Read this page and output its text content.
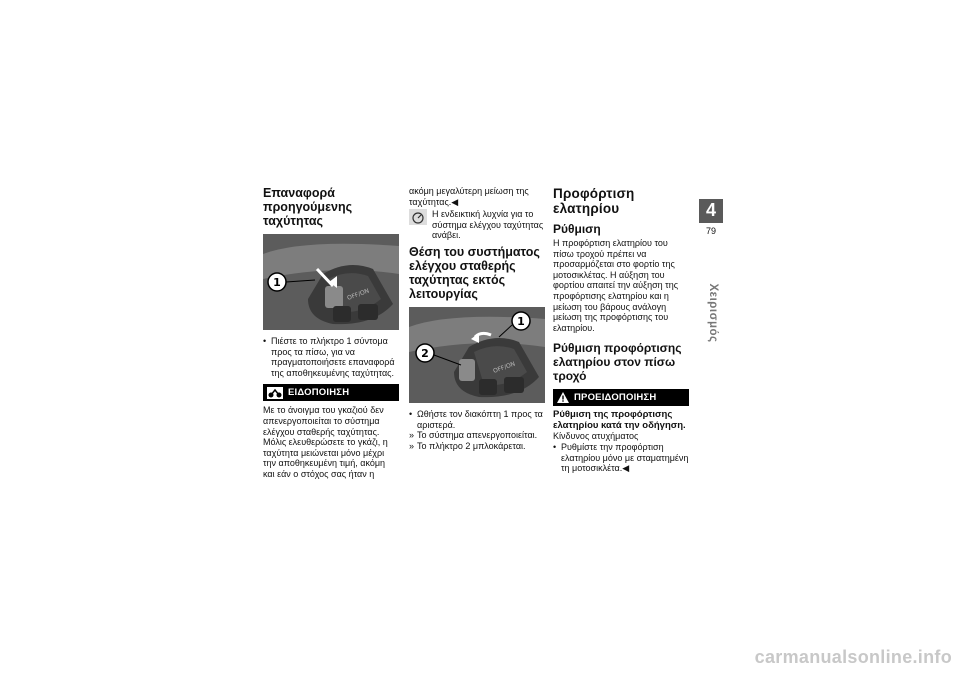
Επαναφορά προηγούμενης ταχύτητας
OFF/ON
1
• Πιέστε το πλήκτρο 1 σύντομα προς τα πίσω, για να πραγματοποιήσετε επαναφορά της αποθηκευμένης ταχύτητας.
ΕΙΔΟΠΟΙΗΣΗ

Με το άνοιγμα του γκαζιού δεν απενεργοποιείται το σύστημα ελέγχου σταθερής ταχύτητας. Μόλις ελευθερώσετε το γκάζι, η ταχύτητα μειώνεται μόνο μέχρι την αποθηκευμένη τιμή, ακόμη και εάν ο στόχος σας ήταν η

ακόμη μεγαλύτερη μείωση της ταχύτητας.◀

Η ενδεικτική λυχνία για το σύστημα ελέγχου ταχύτητας ανάβει.

Θέση του συστήματος ελέγχου σταθερής ταχύτητας εκτός λειτουργίας
OFF/ON
1
2
• Ωθήστε τον διακόπτη 1 προς τα αριστερά.
» Το σύστημα απενεργοποιείται.
» Το πλήκτρο 2 μπλοκάρεται.
Προφόρτιση ελατηρίου
Ρύθμιση

Η προφόρτιση ελατηρίου του πίσω τροχού πρέπει να προσαρμόζεται στο φορτίο της μοτοσικλέτας. Η αύξηση του φορτίου απαιτεί την αύξηση της προφόρτισης ελατηρίου και η μείωση του βάρους ανάλογη μείωση της προφόρτισης του ελατηρίου.

Ρύθμιση προφόρτισης ελατηρίου στον πίσω τροχό
ΠΡΟΕΙΔΟΠΟΙΗΣΗ
Ρύθμιση της προφόρτισης ελατηρίου κατά την οδήγηση.

Κίνδυνος ατυχήματος

• Ρυθμίστε την προφόρτιση ελατηρίου μόνο με σταματημένη τη μοτοσικλέτα.◀
4
79
Χειρισμός
carmanualsonline.info
